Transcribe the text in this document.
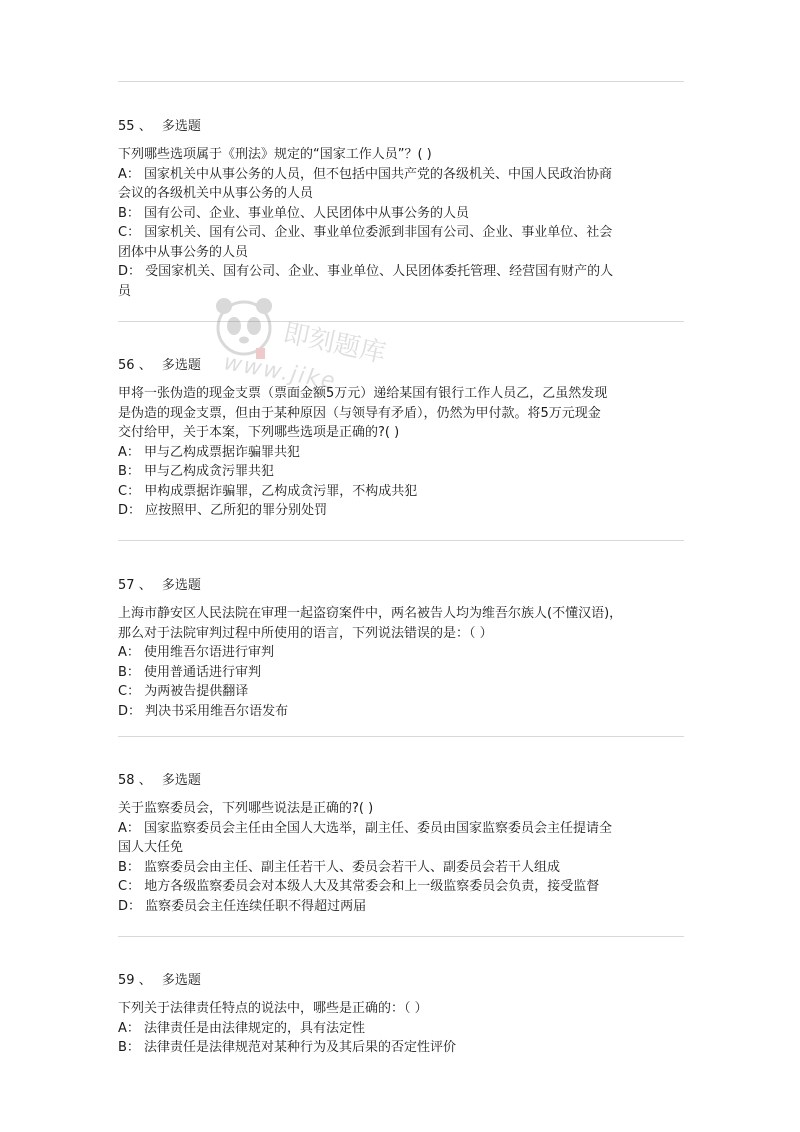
55 、 多选题
下列哪些选项属于《刑法》规定的“国家工作人员”？( )
A： 国家机关中从事公务的人员，但不包括中国共产党的各级机关、中国人民政治协商
会议的各级机关中从事公务的人员
B： 国有公司、企业、事业单位、人民团体中从事公务的人员
C： 国家机关、国有公司、企业、事业单位委派到非国有公司、企业、事业单位、社会
团体中从事公务的人员
D： 受国家机关、国有公司、企业、事业单位、人民团体委托管理、经营国有财产的人
员
56 、 多选题
甲将一张伪造的现金支票（票面金额5万元）递给某国有银行工作人员乙，乙虽然发现
是伪造的现金支票，但由于某种原因（与领导有矛盾），仍然为甲付款。将5万元现金
交付给甲，关于本案，下列哪些选项是正确的?( )
A： 甲与乙构成票据诈骗罪共犯
B： 甲与乙构成贪污罪共犯
C： 甲构成票据诈骗罪，乙构成贪污罪，不构成共犯
D： 应按照甲、乙所犯的罪分别处罚
57 、 多选题
上海市静安区人民法院在审理一起盗窃案件中，两名被告人均为维吾尔族人(不懂汉语)，
那么对于法院审判过程中所使用的语言，下列说法错误的是：（ ）
A： 使用维吾尔语进行审判
B： 使用普通话进行审判
C： 为两被告提供翻译
D： 判决书采用维吾尔语发布
58 、 多选题
关于监察委员会，下列哪些说法是正确的?( )
A： 国家监察委员会主任由全国人大选举，副主任、委员由国家监察委员会主任提请全
国人大任免
B： 监察委员会由主任、副主任若干人、委员会若干人、副委员会若干人组成
C： 地方各级监察委员会对本级人大及其常委会和上一级监察委员会负责，接受监督
D： 监察委员会主任连续任职不得超过两届
59 、 多选题
下列关于法律责任特点的说法中，哪些是正确的：（ ）
A： 法律责任是由法律规定的，具有法定性
B： 法律责任是法律规范对某种行为及其后果的否定性评价
即刻题库
www.jike
